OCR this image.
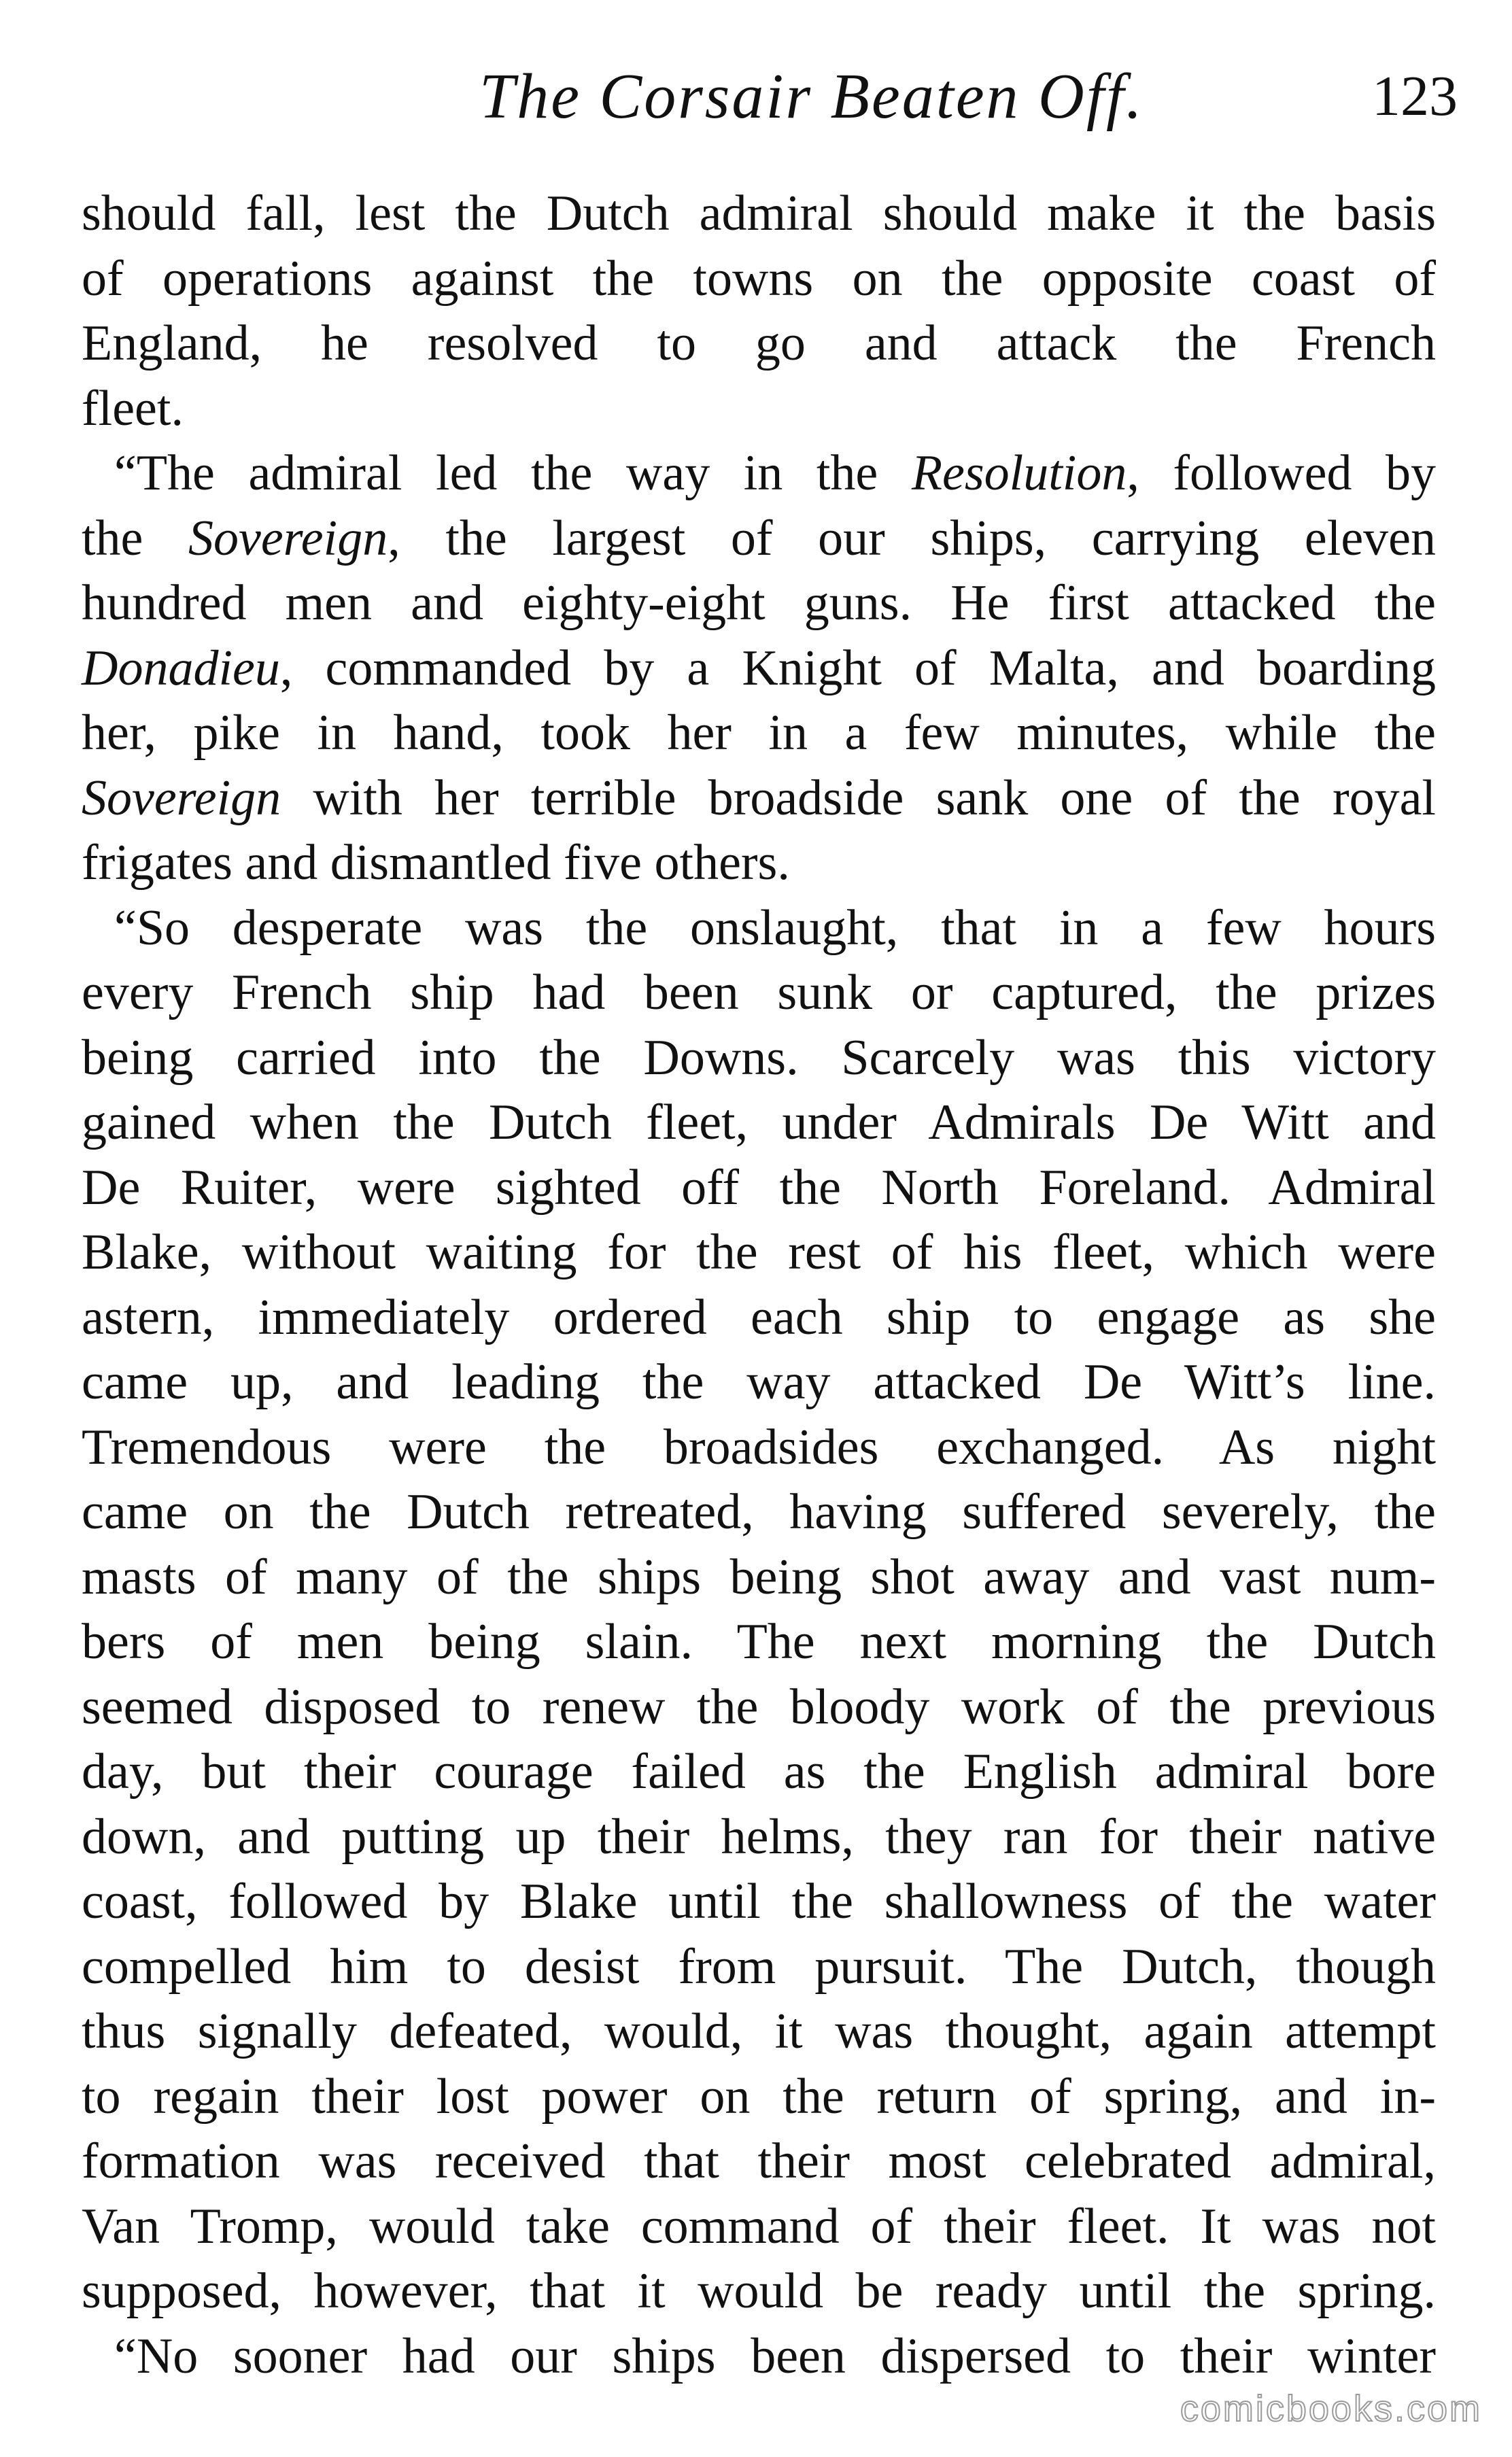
The Corsair Beaten Off.	123
should fall, lest the Dutch admiral should make it the basis
of operations against the towns on the opposite coast of
England, he resolved to go and attack the French
fleet.
“The admiral led the way in the Resolution, followed by
the Sovereign, the largest of our ships, carrying eleven
hundred men and eighty-eight guns. He first attacked the
Donadieu, commanded by a Knight of Malta, and boarding
her, pike in hand, took her in a few minutes, while the
Sovereign with her terrible broadside sank one of the royal
frigates and dismantled five others.
“So desperate was the onslaught, that in a few hours
every French ship had been sunk or captured, the prizes
being carried into the Downs. Scarcely was this victory
gained when the Dutch fleet, under Admirals De Witt and
De Ruiter, were sighted off the North Foreland. Admiral
Blake, without waiting for the rest of his fleet, which were
astern, immediately ordered each ship to engage as she
came up, and leading the way attacked De Witt’s line.
Tremendous were the broadsides exchanged. As night
came on the Dutch retreated, having suffered severely, the
masts of many of the ships being shot away and vast num-
bers of men being slain. The next morning the Dutch
seemed disposed to renew the bloody work of the previous
day, but their courage failed as the English admiral bore
down, and putting up their helms, they ran for their native
coast, followed by Blake until the shallowness of the water
compelled him to desist from pursuit. The Dutch, though
thus signally defeated, would, it was thought, again attempt
to regain their lost power on the return of spring, and in-
formation was received that their most celebrated admiral,
Van Tromp, would take command of their fleet. It was not
supposed, however, that it would be ready until the spring.
“No sooner had our ships been dispersed to their winter
comicbooks.com
